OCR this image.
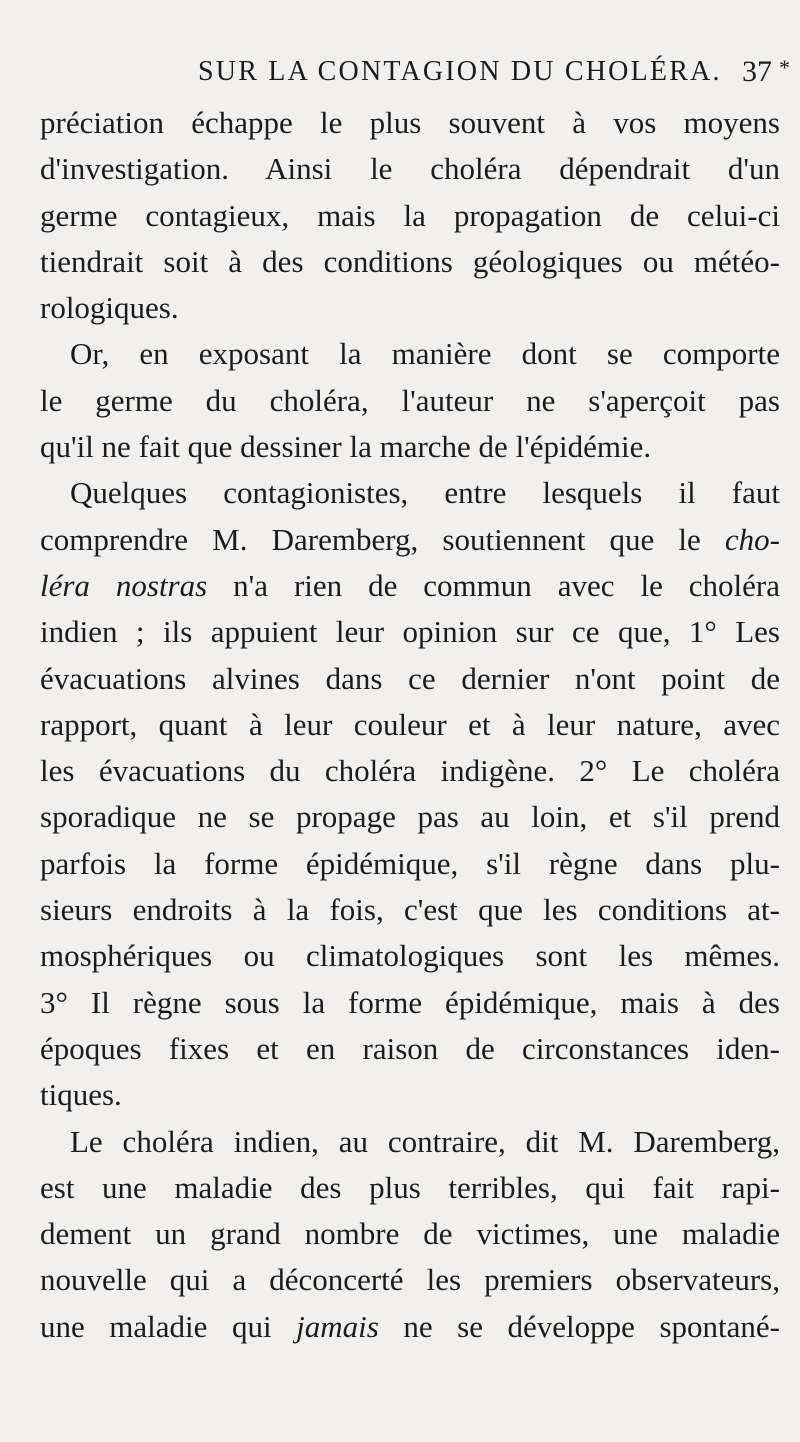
SUR LA CONTAGION DU CHOLÉRA. 37 *
préciation échappe le plus souvent à vos moyens
d'investigation. Ainsi le choléra dépendrait d'un
germe contagieux, mais la propagation de celui-ci
tiendrait soit à des conditions géologiques ou météo-
rologiques.
Or, en exposant la manière dont se comporte
le germe du choléra, l'auteur ne s'aperçoit pas
qu'il ne fait que dessiner la marche de l'épidémie.
Quelques contagionistes, entre lesquels il faut
comprendre M. Daremberg, soutiennent que le cho-
léra nostras n'a rien de commun avec le choléra
indien ; ils appuient leur opinion sur ce que, 1° Les
évacuations alvines dans ce dernier n'ont point de
rapport, quant à leur couleur et à leur nature, avec
les évacuations du choléra indigène. 2° Le choléra
sporadique ne se propage pas au loin, et s'il prend
parfois la forme épidémique, s'il règne dans plu-
sieurs endroits à la fois, c'est que les conditions at-
mosphériques ou climatologiques sont les mêmes.
3° Il règne sous la forme épidémique, mais à des
époques fixes et en raison de circonstances iden-
tiques.
Le choléra indien, au contraire, dit M. Daremberg,
est une maladie des plus terribles, qui fait rapi-
dement un grand nombre de victimes, une maladie
nouvelle qui a déconcerté les premiers observateurs,
une maladie qui jamais ne se développe spontané-
